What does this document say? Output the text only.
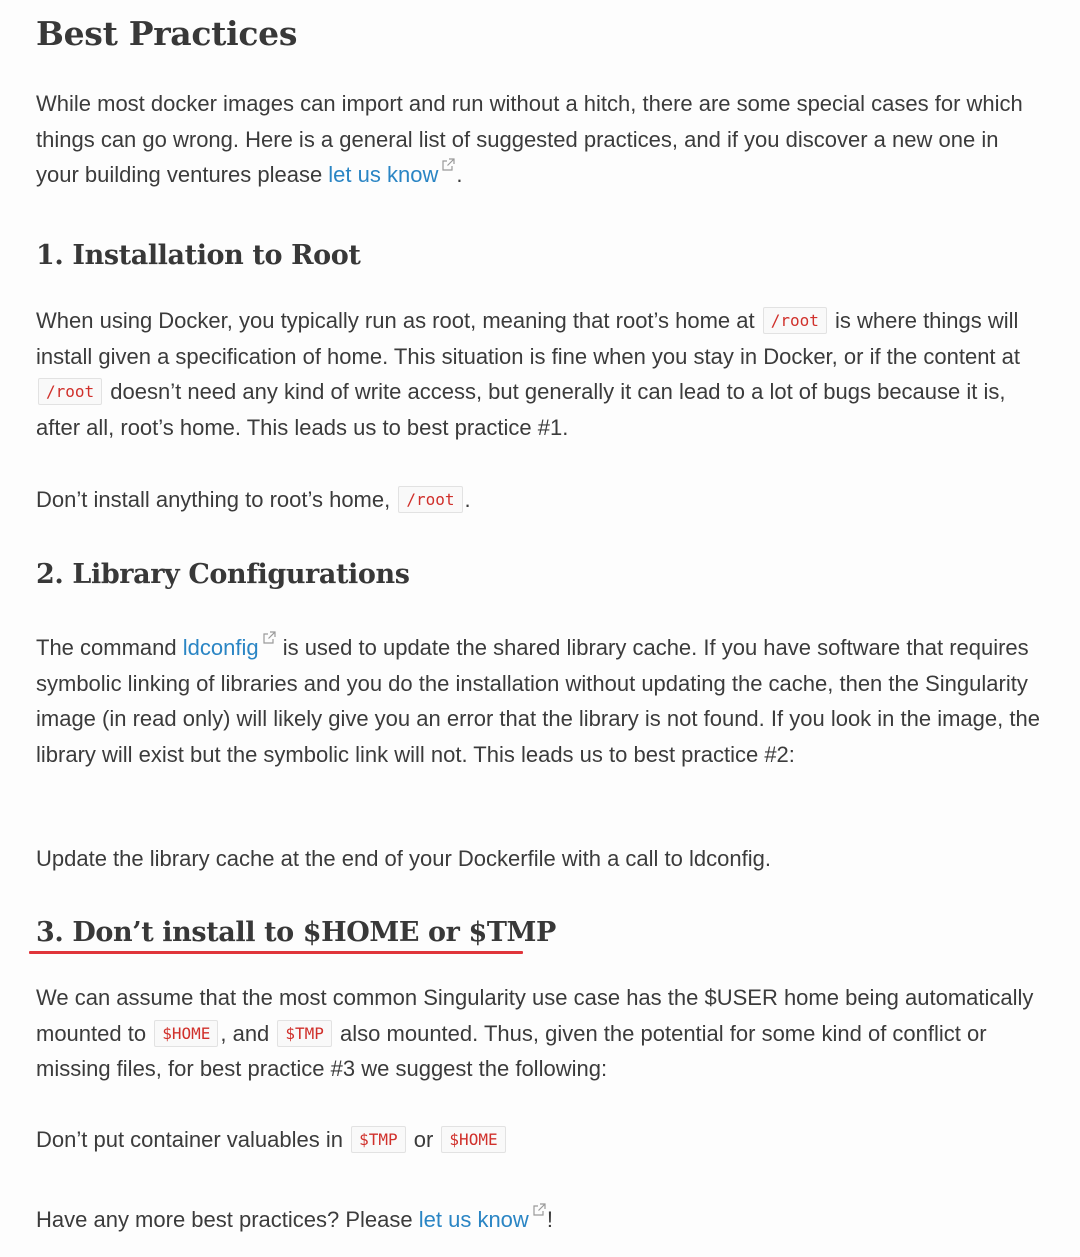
Best Practices

While most docker images can import and run without a hitch, there are some special cases for which things can go wrong. Here is a general list of suggested practices, and if you discover a new one in your building ventures please let us know .

1. Installation to Root

When using Docker, you typically run as root, meaning that root’s home at /root is where things will install given a specification of home. This situation is fine when you stay in Docker, or if the content at /root doesn’t need any kind of write access, but generally it can lead to a lot of bugs because it is, after all, root’s home. This leads us to best practice #1.

Don’t install anything to root’s home, /root .

2. Library Configurations

The command ldconfig is used to update the shared library cache. If you have software that requires symbolic linking of libraries and you do the installation without updating the cache, then the Singularity image (in read only) will likely give you an error that the library is not found. If you look in the image, the library will exist but the symbolic link will not. This leads us to best practice #2:

Update the library cache at the end of your Dockerfile with a call to ldconfig.

3. Don’t install to $HOME or $TMP

We can assume that the most common Singularity use case has the $USER home being automatically mounted to $HOME , and $TMP also mounted. Thus, given the potential for some kind of conflict or missing files, for best practice #3 we suggest the following:

Don’t put container valuables in $TMP or $HOME

Have any more best practices? Please let us know !
